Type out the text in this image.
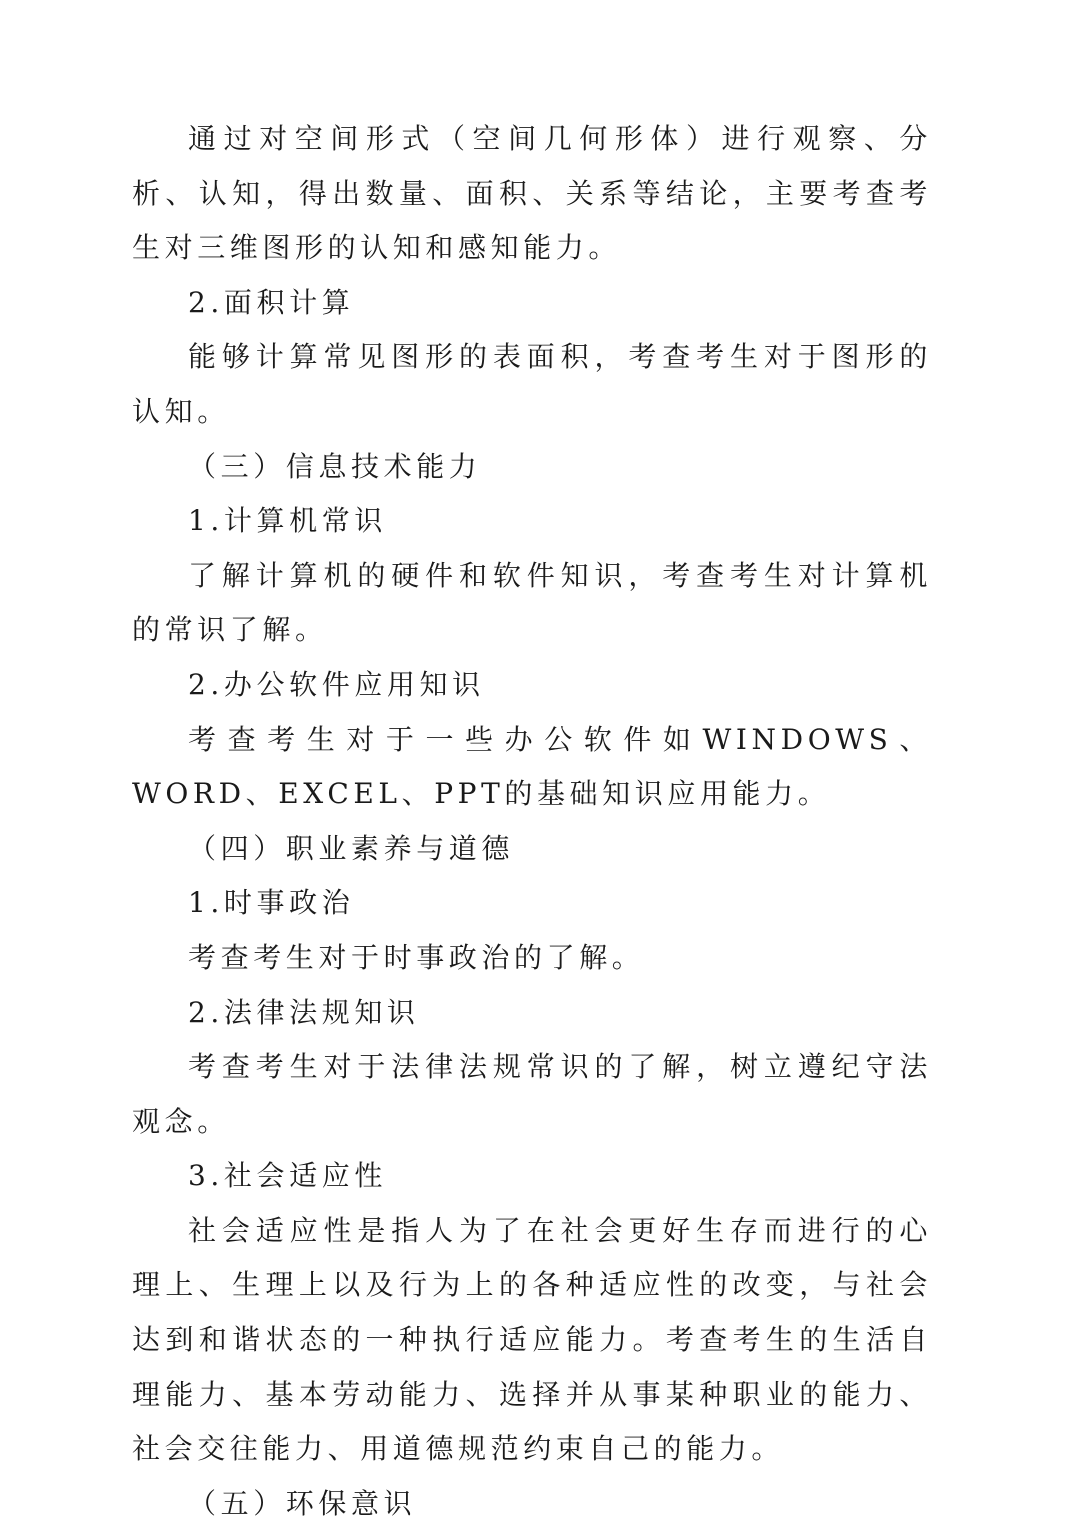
通过对空间形式（空间几何形体）进行观察、分析、认知，得出数量、面积、关系等结论，主要考查考生对三维图形的认知和感知能力。

2.面积计算

能够计算常见图形的表面积，考查考生对于图形的认知。

（三）信息技术能力

1.计算机常识

了解计算机的硬件和软件知识，考查考生对计算机的常识了解。

2.办公软件应用知识

考查考生对于一些办公软件如WINDOWS、WORD、EXCEL、PPT的基础知识应用能力。

（四）职业素养与道德

1.时事政治

考查考生对于时事政治的了解。

2.法律法规知识

考查考生对于法律法规常识的了解，树立遵纪守法观念。

3.社会适应性

社会适应性是指人为了在社会更好生存而进行的心理上、生理上以及行为上的各种适应性的改变，与社会达到和谐状态的一种执行适应能力。考查考生的生活自理能力、基本劳动能力、选择并从事某种职业的能力、社会交往能力、用道德规范约束自己的能力。

（五）环保意识
